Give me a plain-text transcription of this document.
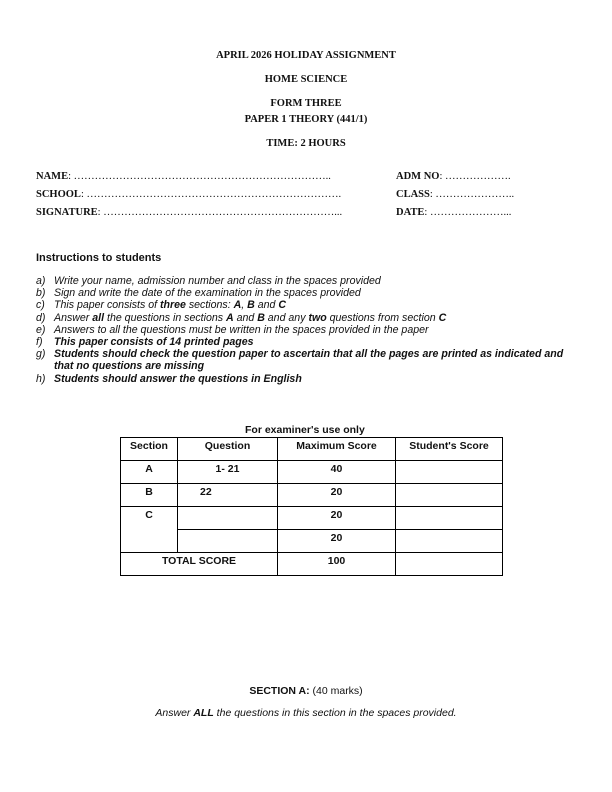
APRIL 2026 HOLIDAY ASSIGNMENT
HOME SCIENCE
FORM THREE
PAPER 1 THEORY (441/1)
TIME: 2 HOURS
NAME: ………………………………………………………………..
SCHOOL: ……………………………………………………………….
SIGNATURE: …………………………………………………………...
ADM NO: ……………….
CLASS: …………………..
DATE: …………………...
Instructions to students
a) Write your name, admission number and class in the spaces provided
b) Sign and write the date of the examination in the spaces provided
c) This paper consists of three sections: A, B and C
d) Answer all the questions in sections A and B and any two questions from section C
e) Answers to all the questions must be written in the spaces provided in the paper
f)	This paper consists of 14 printed pages
g) Students should check the question paper to ascertain that all the pages are printed as indicated and that no questions are missing
h) Students should answer the questions in English
For examiner's use only
Section	Question	Maximum Score	Student's Score
A	1- 21	40	
B	22	20	
C		20	
		20	
TOTAL SCORE		100	
SECTION A: (40 marks)
Answer ALL the questions in this section in the spaces provided.
